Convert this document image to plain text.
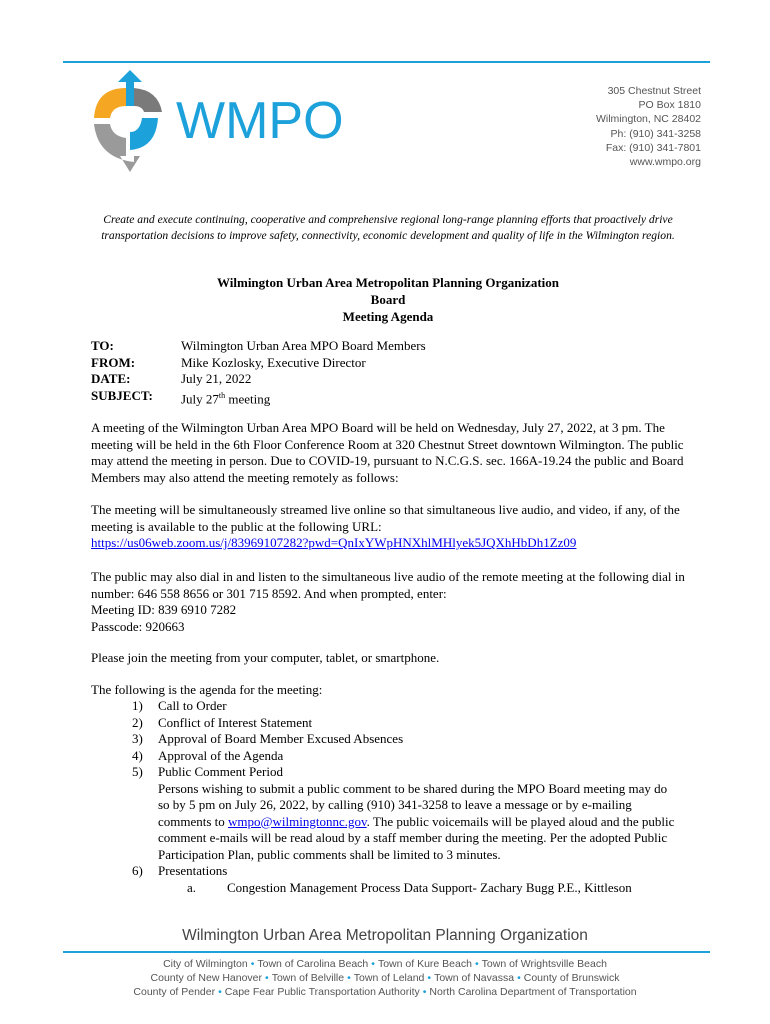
WMPO
305 Chestnut Street
PO Box 1810
Wilmington, NC 28402
Ph: (910) 341-3258
Fax: (910) 341-7801
www.wmpo.org
Create and execute continuing, cooperative and comprehensive regional long-range planning efforts that proactively drive transportation decisions to improve safety, connectivity, economic development and quality of life in the Wilmington region.
Wilmington Urban Area Metropolitan Planning Organization
Board
Meeting Agenda
TO:	Wilmington Urban Area MPO Board Members
FROM:	Mike Kozlosky, Executive Director
DATE:	July 21, 2022
SUBJECT:	July 27th meeting
A meeting of the Wilmington Urban Area MPO Board will be held on Wednesday, July 27, 2022, at 3 pm. The meeting will be held in the 6th Floor Conference Room at 320 Chestnut Street downtown Wilmington. The public may attend the meeting in person. Due to COVID-19, pursuant to N.C.G.S. sec. 166A-19.24 the public and Board Members may also attend the meeting remotely as follows:
The meeting will be simultaneously streamed live online so that simultaneous live audio, and video, if any, of the meeting is available to the public at the following URL:
https://us06web.zoom.us/j/83969107282?pwd=QnIxYWpHNXhlMHlyek5JQXhHbDh1Zz09
The public may also dial in and listen to the simultaneous live audio of the remote meeting at the following dial in number: 646 558 8656 or 301 715 8592. And when prompted, enter:
Meeting ID: 839 6910 7282
Passcode: 920663
Please join the meeting from your computer, tablet, or smartphone.
The following is the agenda for the meeting:
1)	Call to Order
2)	Conflict of Interest Statement
3)	Approval of Board Member Excused Absences
4)	Approval of the Agenda
5)	Public Comment Period
Persons wishing to submit a public comment to be shared during the MPO Board meeting may do so by 5 pm on July 26, 2022, by calling (910) 341-3258 to leave a message or by e-mailing comments to wmpo@wilmingtonnc.gov. The public voicemails will be played aloud and the public comment e-mails will be read aloud by a staff member during the meeting. Per the adopted Public Participation Plan, public comments shall be limited to 3 minutes.
6)	Presentations
a.	Congestion Management Process Data Support- Zachary Bugg P.E., Kittleson
Wilmington Urban Area Metropolitan Planning Organization
City of Wilmington • Town of Carolina Beach • Town of Kure Beach • Town of Wrightsville Beach
County of New Hanover • Town of Belville • Town of Leland • Town of Navassa • County of Brunswick
County of Pender • Cape Fear Public Transportation Authority • North Carolina Department of Transportation
